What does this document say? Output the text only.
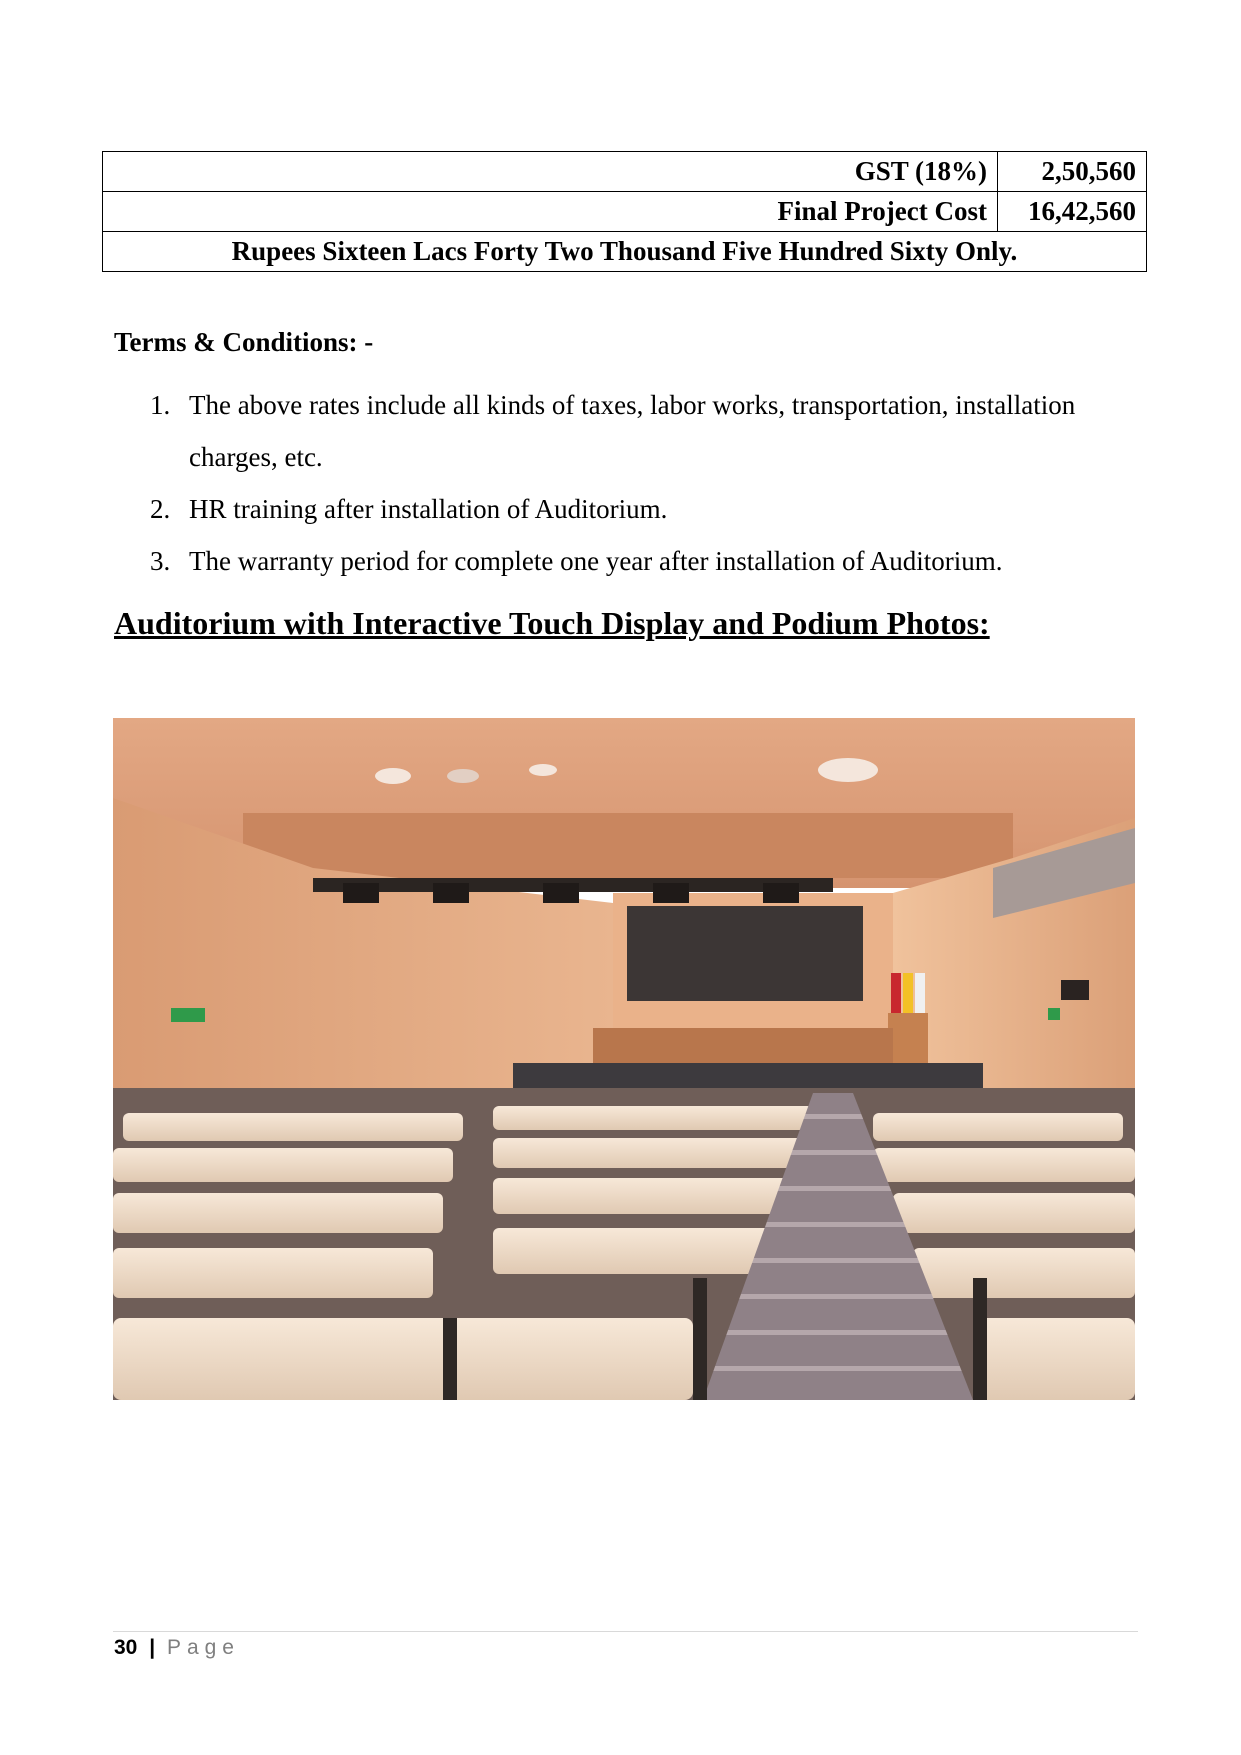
GST (18%)	2,50,560
Final Project Cost	16,42,560
Rupees Sixteen Lacs Forty Two Thousand Five Hundred Sixty Only.	

Terms & Conditions: -

1. The above rates include all kinds of taxes, labor works, transportation, installation charges, etc.
2. HR training after installation of Auditorium.
3. The warranty period for complete one year after installation of Auditorium.
Auditorium with Interactive Touch Display and Podium Photos:
30 | Page
